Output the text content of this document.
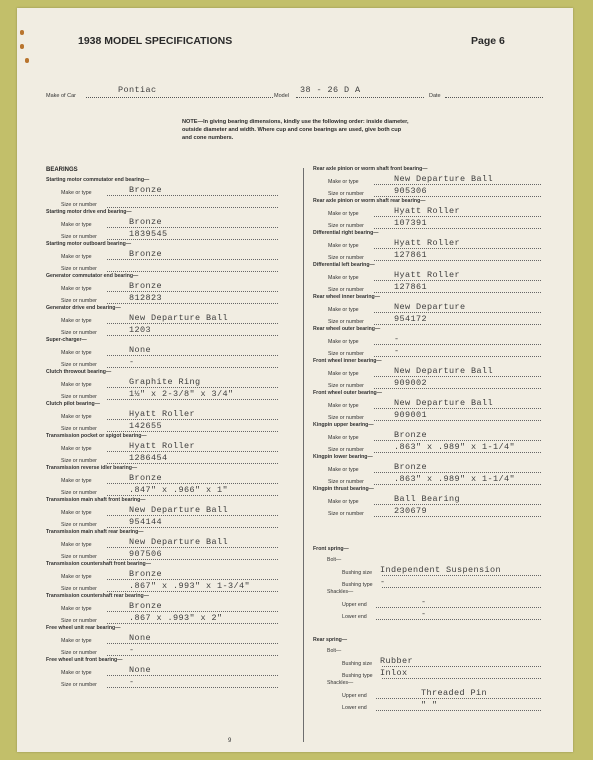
1938 MODEL SPECIFICATIONS	Page 6
Make of Car
Pontiac
Model
38 - 26 D A
Date
NOTE—In giving bearing dimensions, kindly use the following order: inside diameter, outside diameter and width. Where cup and cone bearings are used, give both cup and cone numbers.
BEARINGS
Starting motor commutator end bearing—
Make or type	Bronze
Size or number
Starting motor drive end bearing—
Make or type	Bronze
Size or number	1839545
Starting motor outboard bearing—
Make or type	Bronze
Size or number
Generator commutator end bearing—
Make or type	Bronze
Size or number	812823
Generator drive end bearing—
Make or type	New Departure Ball
Size or number	1203
Super-charger—
Make or type	None
Size or number	-
Clutch throwout bearing—
Make or type	Graphite Ring
Size or number	1½" x 2-3/8" x 3/4"
Clutch pilot bearing—
Make or type	Hyatt Roller
Size or number	142655
Transmission pocket or spigot bearing—
Make or type	Hyatt Roller
Size or number	1286454
Transmission reverse idler bearing—
Make or type	Bronze
Size or number	.847" x .966" x 1"
Transmission main shaft front bearing—
Make or type	New Departure Ball
Size or number	954144
Transmission main shaft rear bearing—
Make or type	New Departure Ball
Size or number	907506
Transmission countershaft front bearing—
Make or type	Bronze
Size or number	.867" x .993" x 1-3/4"
Transmission countershaft rear bearing—
Make or type	Bronze
Size or number	.867 x .993" x 2"
Free wheel unit rear bearing—
Make or type	None
Size or number	-
Free wheel unit front bearing—
Make or type	None
Size or number	-
Rear axle pinion or worm shaft front bearing—
Make or type	New Departure Ball
Size or number	905306
Rear axle pinion or worm shaft rear bearing—
Make or type	Hyatt Roller
Size or number	107391
Differential right bearing—
Make or type	Hyatt Roller
Size or number	127861
Differential left bearing—
Make or type	Hyatt Roller
Size or number	127861
Rear wheel inner bearing—
Make or type	New Departure
Size or number	954172
Rear wheel outer bearing—
Make or type	-
Size or number	-
Front wheel inner bearing—
Make or type	New Departure Ball
Size or number	909002
Front wheel outer bearing—
Make or type	New Departure Ball
Size or number	909001
Kingpin upper bearing—
Make or type	Bronze
Size or number	.863" x .989" x 1-1/4"
Kingpin lower bearing—
Make or type	Bronze
Size or number	.863" x .989" x 1-1/4"
Kingpin thrust bearing—
Make or type	Ball Bearing
Size or number	230679
Front spring—
Bolt—
Bushing size Independent Suspension
Bushing type -
Shackles—
Upper end	-
Lower end	-
Rear spring—
Bolt—
Bushing size Rubber
Bushing type Inlox
Shackles—
Upper end	Threaded Pin
Lower end	" "
9
